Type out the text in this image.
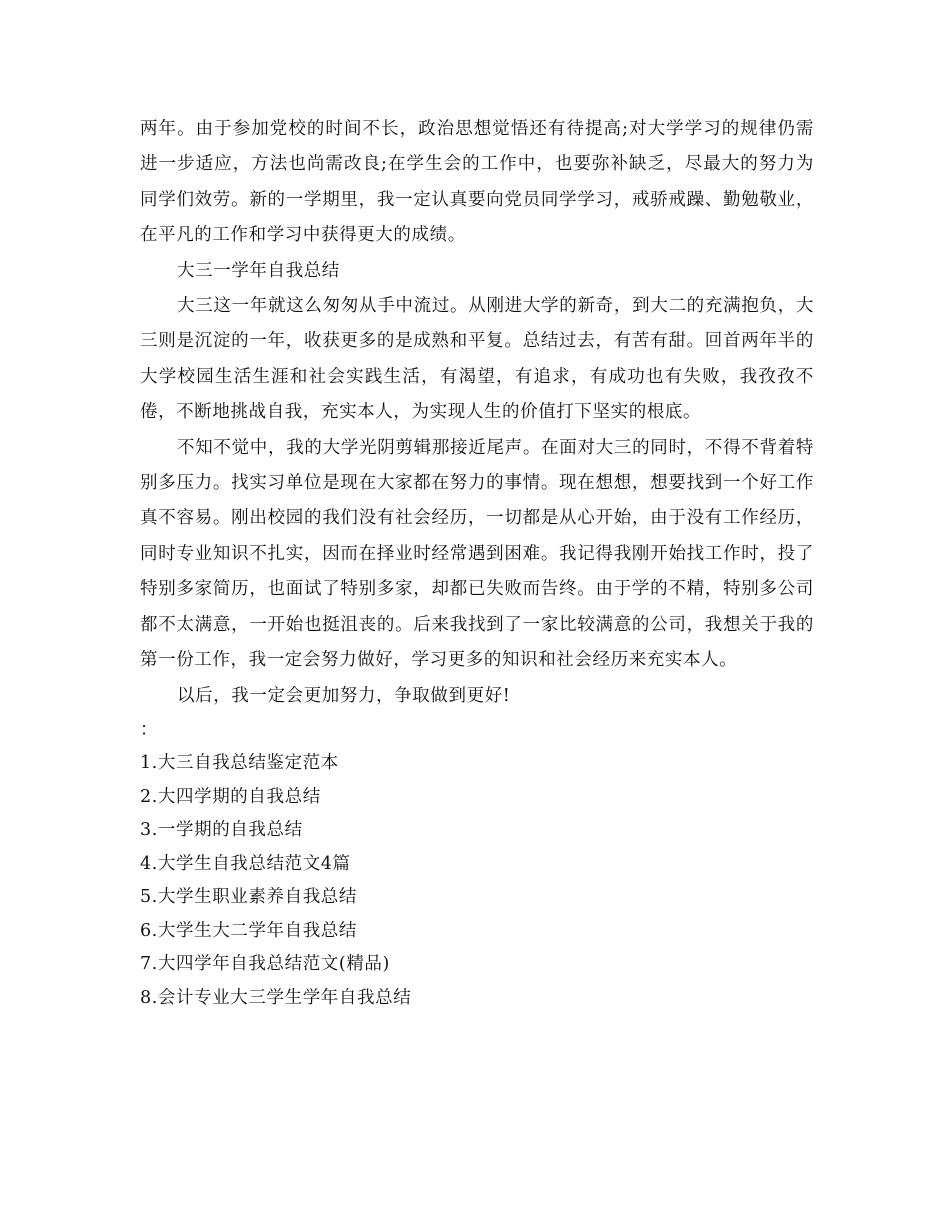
两年。由于参加党校的时间不长，政治思想觉悟还有待提高;对大学学习的规律仍需进一步适应，方法也尚需改良;在学生会的工作中，也要弥补缺乏，尽最大的努力为同学们效劳。新的一学期里，我一定认真要向党员同学学习，戒骄戒躁、勤勉敬业，在平凡的工作和学习中获得更大的成绩。

大三一学年自我总结

大三这一年就这么匆匆从手中流过。从刚进大学的新奇，到大二的充满抱负，大三则是沉淀的一年，收获更多的是成熟和平复。总结过去，有苦有甜。回首两年半的大学校园生活生涯和社会实践生活，有渴望，有追求，有成功也有失败，我孜孜不倦，不断地挑战自我，充实本人，为实现人生的价值打下坚实的根底。

不知不觉中，我的大学光阴剪辑那接近尾声。在面对大三的同时，不得不背着特别多压力。找实习单位是现在大家都在努力的事情。现在想想，想要找到一个好工作真不容易。刚出校园的我们没有社会经历，一切都是从心开始，由于没有工作经历，同时专业知识不扎实，因而在择业时经常遇到困难。我记得我刚开始找工作时，投了特别多家简历，也面试了特别多家，却都已失败而告终。由于学的不精，特别多公司都不太满意，一开始也挺沮丧的。后来我找到了一家比较满意的公司，我想关于我的第一份工作，我一定会努力做好，学习更多的知识和社会经历来充实本人。

以后，我一定会更加努力，争取做到更好!

：
1.大三自我总结鉴定范本
2.大四学期的自我总结
3.一学期的自我总结
4.大学生自我总结范文4篇
5.大学生职业素养自我总结
6.大学生大二学年自我总结
7.大四学年自我总结范文(精品)
8.会计专业大三学生学年自我总结
